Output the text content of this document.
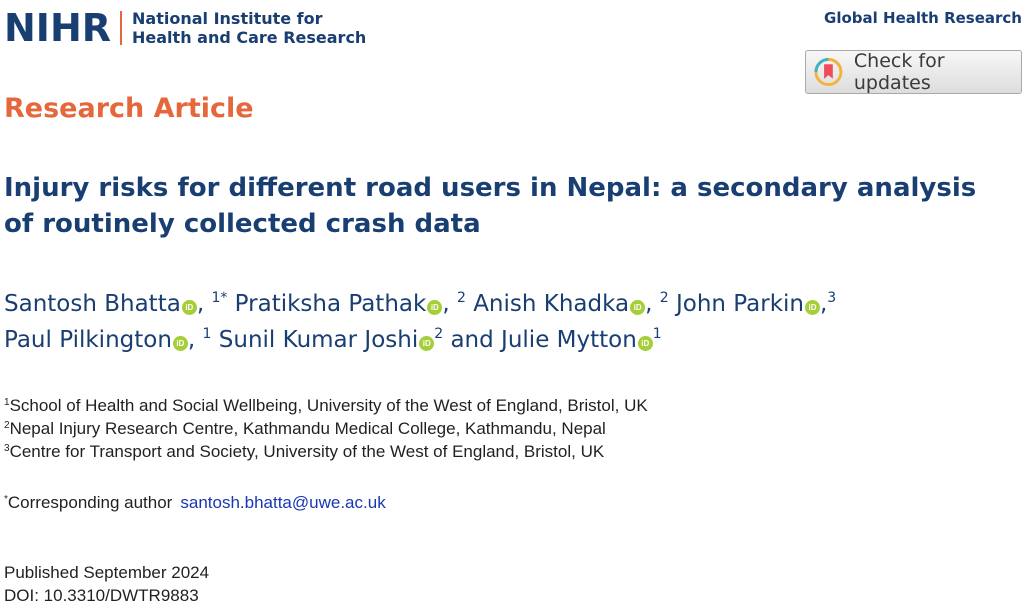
NIHR National Institute for
Health and Care Research
Global Health Research
Check for updates
Research Article
Injury risks for different road users in Nepal: a secondary analysis of routinely collected crash data
Santosh Bhatta iD , $^{1*}$ Pratiksha Pathak iD , $^2$ Anish Khadka iD , $^2$ John Parkin iD ,$^3$
Paul Pilkington iD , $^1$ Sunil Kumar Joshi $iD^2$ and Julie Mytton $iD^1$
$^1$School of Health and Social Wellbeing, University of the West of England, Bristol, UK
$^2$Nepal Injury Research Centre, Kathmandu Medical College, Kathmandu, Nepal
$^3$Centre for Transport and Society, University of the West of England, Bristol, UK
*Corresponding author santosh.bhatta@uwe.ac.uk
Published September 2024
DOI: 10.3310/DWTR9883
